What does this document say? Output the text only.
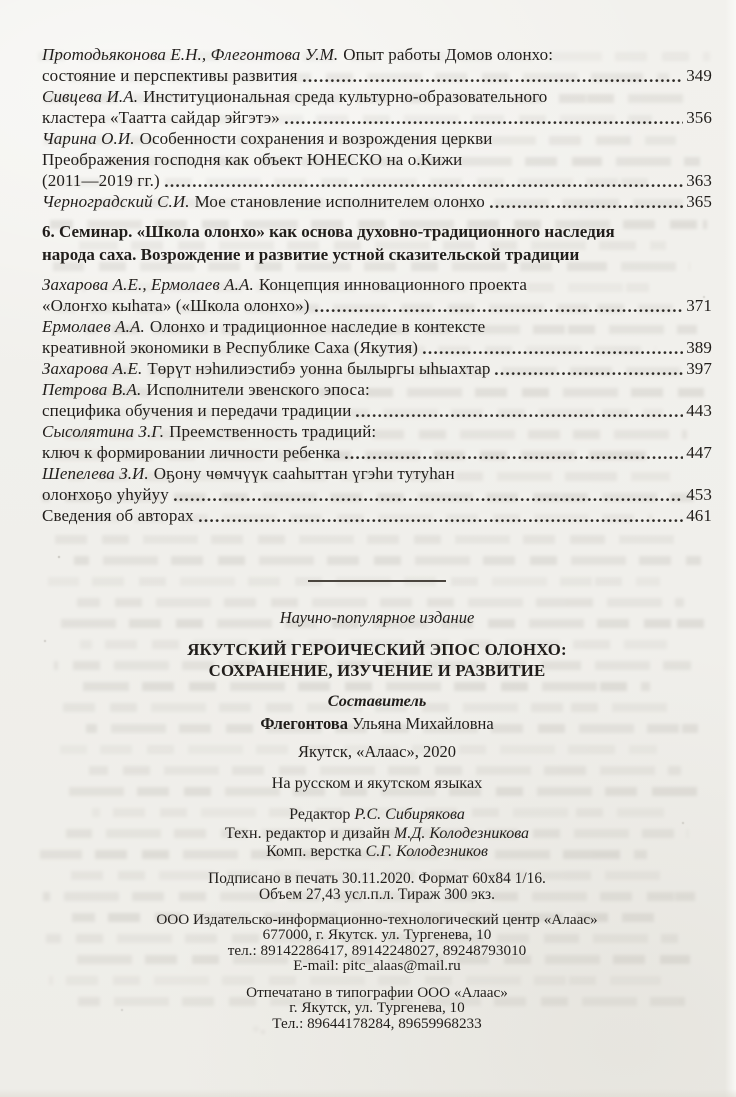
Протодьяконова Е.Н., Флегонтова У.М. Опыт работы Домов олонхо:
состояние и перспективы развития	349
Сивцева И.А. Институциональная среда культурно-образовательного
кластера «Таатта сайдар эйгэтэ»	356
Чарина О.И. Особенности сохранения и возрождения церкви
Преображения господня как объект ЮНЕСКО на о.Кижи
(2011—2019 гг.)	363
Черноградский С.И. Мое становление исполнителем олонхо	365
6. Семинар. «Школа олонхо» как основа духовно-традиционного наследия
народа саха. Возрождение и развитие устной сказительской традиции
Захарова А.Е., Ермолаев А.А. Концепция инновационного проекта
«Олоҥхо кыһата» («Школа олонхо»)	371
Ермолаев А.А. Олонхо и традиционное наследие в контексте
креативной экономики в Республике Саха (Якутия)	389
Захарова А.Е. Төрүт нэһилиэстибэ уонна былыргы ыһыахтар	397
Петрова В.А. Исполнители эвенского эпоса:
специфика обучения и передачи традиции	443
Сысолятина З.Г. Преемственность традиций:
ключ к формировании личности ребенка	447
Шепелева З.И. Оҕону чөмчүүк сааһыттан үгэһи тутуһан
олоҥхоҕо уһуйуу	453
Сведения об авторах	461
Научно-популярное издание
ЯКУТСКИЙ ГЕРОИЧЕСКИЙ ЭПОС ОЛОНХО:
СОХРАНЕНИЕ, ИЗУЧЕНИЕ И РАЗВИТИЕ
Составитель
Флегонтова Ульяна Михайловна
Якутск, «Алаас», 2020
На русском и якутском языках
Редактор Р.С. Сибирякова
Техн. редактор и дизайн М.Д. Колодезникова
Комп. верстка С.Г. Колодезников
Подписано в печать 30.11.2020. Формат 60х84 1/16.
Объем 27,43 усл.п.л. Тираж 300 экз.
ООО Издательско-информационно-технологический центр «Алаас»
677000, г. Якутск. ул. Тургенева, 10
тел.: 89142286417, 89142248027, 89248793010
E-mail: pitc_alaas@mail.ru
Отпечатано в типографии ООО «Алаас»
г. Якутск, ул. Тургенева, 10
Тел.: 89644178284, 89659968233
